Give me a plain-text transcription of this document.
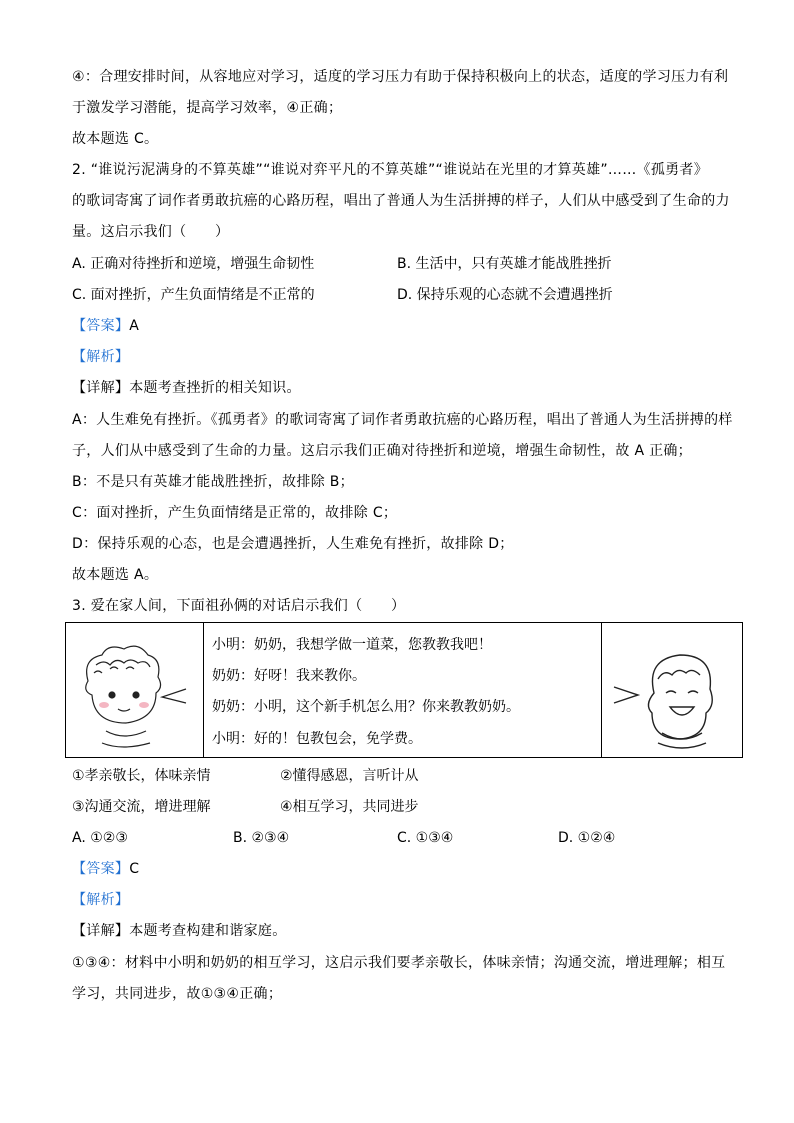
④：合理安排时间，从容地应对学习，适度的学习压力有助于保持积极向上的状态，适度的学习压力有利
于激发学习潜能，提高学习效率，④正确；
故本题选 C。
2. “谁说污泥满身的不算英雄”“谁说对弈平凡的不算英雄”“谁说站在光里的才算英雄”……《孤勇者》
的歌词寄寓了词作者勇敢抗癌的心路历程，唱出了普通人为生活拼搏的样子，人们从中感受到了生命的力
量。这启示我们（　　）
A. 正确对待挫折和逆境，增强生命韧性	B. 生活中，只有英雄才能战胜挫折
C. 面对挫折，产生负面情绪是不正常的	D. 保持乐观的心态就不会遭遇挫折
【答案】A
【解析】
【详解】本题考查挫折的相关知识。
A：人生难免有挫折。《孤勇者》的歌词寄寓了词作者勇敢抗癌的心路历程，唱出了普通人为生活拼搏的样
子，人们从中感受到了生命的力量。这启示我们正确对待挫折和逆境，增强生命韧性，故 A 正确；
B：不是只有英雄才能战胜挫折，故排除 B；
C：面对挫折，产生负面情绪是正常的，故排除 C；
D：保持乐观的心态，也是会遭遇挫折，人生难免有挫折，故排除 D；
故本题选 A。
3. 爱在家人间，下面祖孙俩的对话启示我们（　　）
小明：奶奶，我想学做一道菜，您教教我吧！
奶奶：好呀！我来教你。
奶奶：小明，这个新手机怎么用？你来教教奶奶。
小明：好的！包教包会，免学费。
①孝亲敬长，体味亲情	②懂得感恩，言听计从
③沟通交流，增进理解	④相互学习，共同进步
A. ①②③	B. ②③④	C. ①③④	D. ①②④
【答案】C
【解析】
【详解】本题考查构建和谐家庭。
①③④：材料中小明和奶奶的相互学习，这启示我们要孝亲敬长，体味亲情；沟通交流，增进理解；相互
学习，共同进步，故①③④正确；
